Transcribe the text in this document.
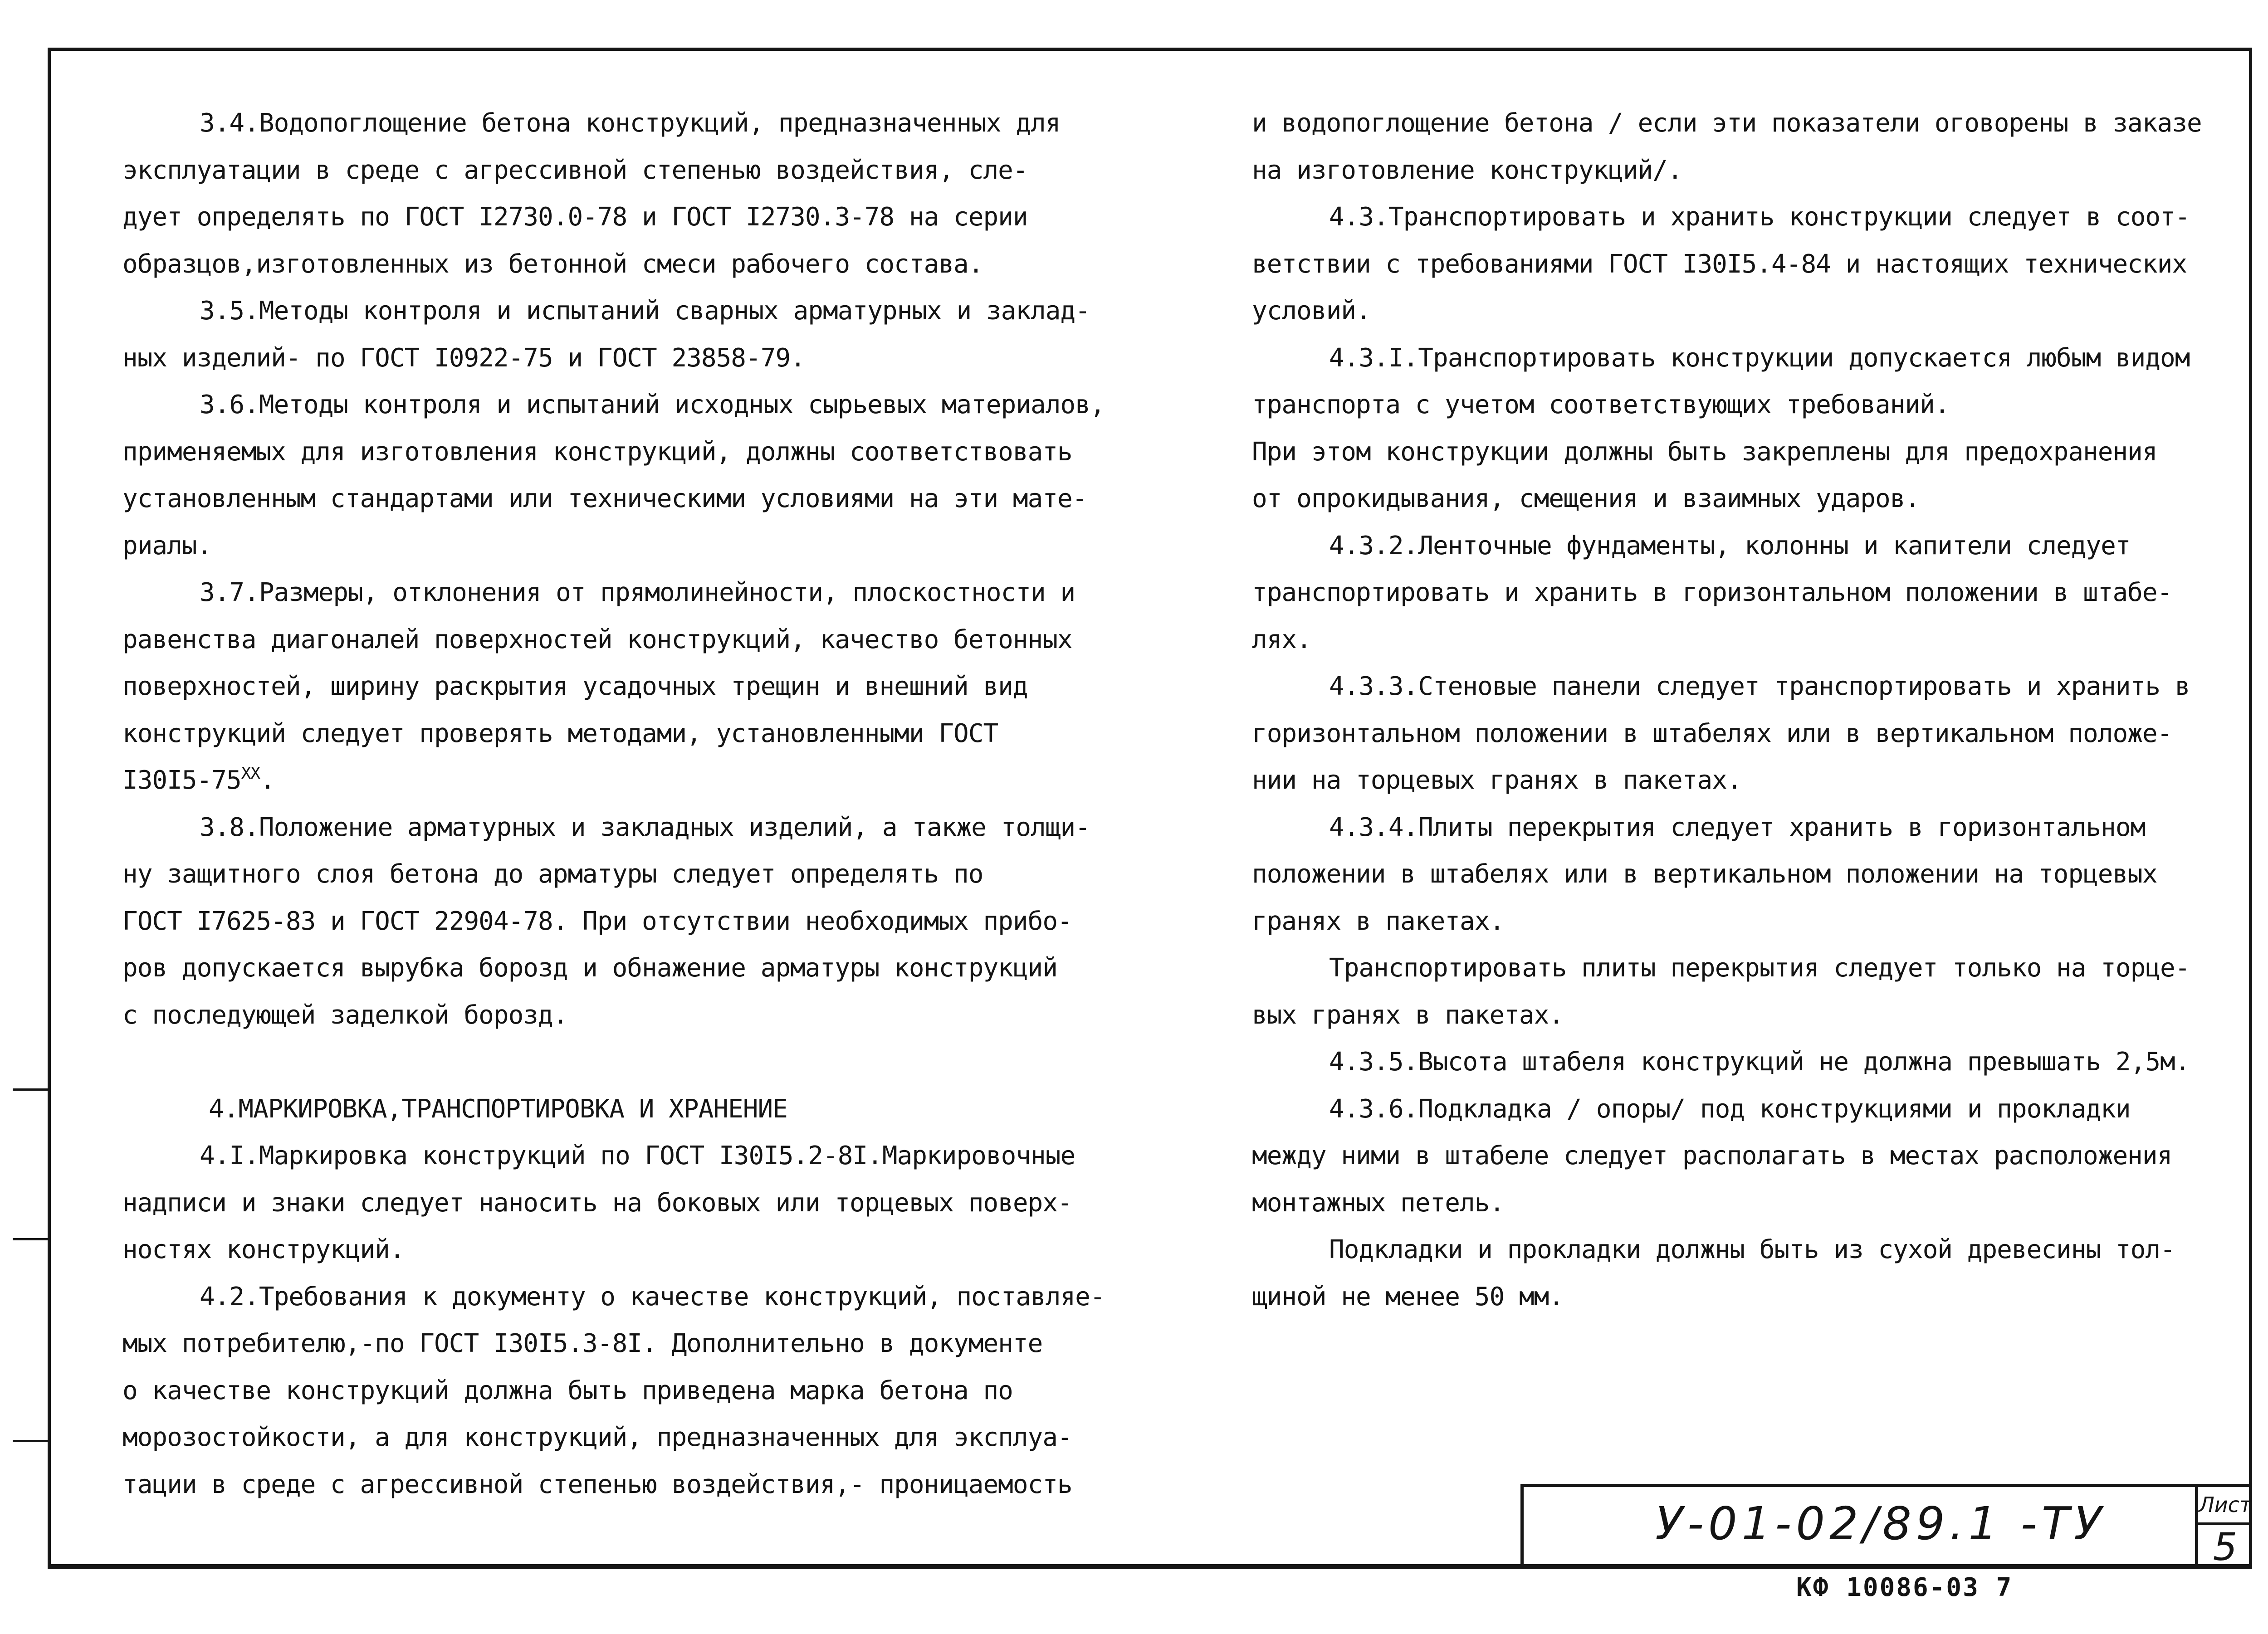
3.4.Водопоглощение бетона конструкций, предназначенных для
эксплуатации в среде с агрессивной степенью воздействия, сле-
дует определять по ГОСТ I2730.0-78 и ГОСТ I2730.3-78 на серии
образцов,изготовленных из бетонной смеси рабочего состава.
3.5.Методы контроля и испытаний сварных арматурных и заклад-
ных изделий- по ГОСТ I0922-75 и ГОСТ 23858-79.
3.6.Методы контроля и испытаний исходных сырьевых материалов,
применяемых для изготовления конструкций, должны соответствовать
установленным стандартами или техническими условиями на эти мате-
риалы.
3.7.Размеры, отклонения от прямолинейности, плоскостности и
равенства диагоналей поверхностей конструкций, качество бетонных
поверхностей, ширину раскрытия усадочных трещин и внешний вид
конструкций следует проверять методами, установленными ГОСТ
$I30I5-75^{ХХ}$.
3.8.Положение арматурных и закладных изделий, а также толщи-
ну защитного слоя бетона до арматуры следует определять по
ГОСТ I7625-83 и ГОСТ 22904-78. При отсутствии необходимых прибо-
ров допускается вырубка борозд и обнажение арматуры конструкций
с последующей заделкой борозд.
4.МАРКИРОВКА,ТРАНСПОРТИРОВКА И ХРАНЕНИЕ
4.I.Маркировка конструкций по ГОСТ I30I5.2-8I.Маркировочные
надписи и знаки следует наносить на боковых или торцевых поверх-
ностях конструкций.
4.2.Требования к документу о качестве конструкций, поставляе-
мых потребителю,-по ГОСТ I30I5.3-8I. Дополнительно в документе
о качестве конструкций должна быть приведена марка бетона по
морозостойкости, а для конструкций, предназначенных для эксплуа-
тации в среде с агрессивной степенью воздействия,- проницаемость
и водопоглощение бетона / если эти показатели оговорены в заказе
на изготовление конструкций/.
4.3.Транспортировать и хранить конструкции следует в соот-
ветствии с требованиями ГОСТ I30I5.4-84 и настоящих технических
условий.
4.3.I.Транспортировать конструкции допускается любым видом
транспорта с учетом соответствующих требований.
При этом конструкции должны быть закреплены для предохранения
от опрокидывания, смещения и взаимных ударов.
4.3.2.Ленточные фундаменты, колонны и капители следует
транспортировать и хранить в горизонтальном положении в штабе-
лях.
4.3.3.Стеновые панели следует транспортировать и хранить в
горизонтальном положении в штабелях или в вертикальном положе-
нии на торцевых гранях в пакетах.
4.3.4.Плиты перекрытия следует хранить в горизонтальном
положении в штабелях или в вертикальном положении на торцевых
гранях в пакетах.
Транспортировать плиты перекрытия следует только на торце-
вых гранях в пакетах.
4.3.5.Высота штабеля конструкций не должна превышать 2,5м.
4.3.6.Подкладка / опоры/ под конструкциями и прокладки
между ними в штабеле следует располагать в местах расположения
монтажных петель.
Подкладки и прокладки должны быть из сухой древесины тол-
щиной не менее 50 мм.
У-01-02/89.1 -ТУ	Лист
5
КФ 10086-03 7
